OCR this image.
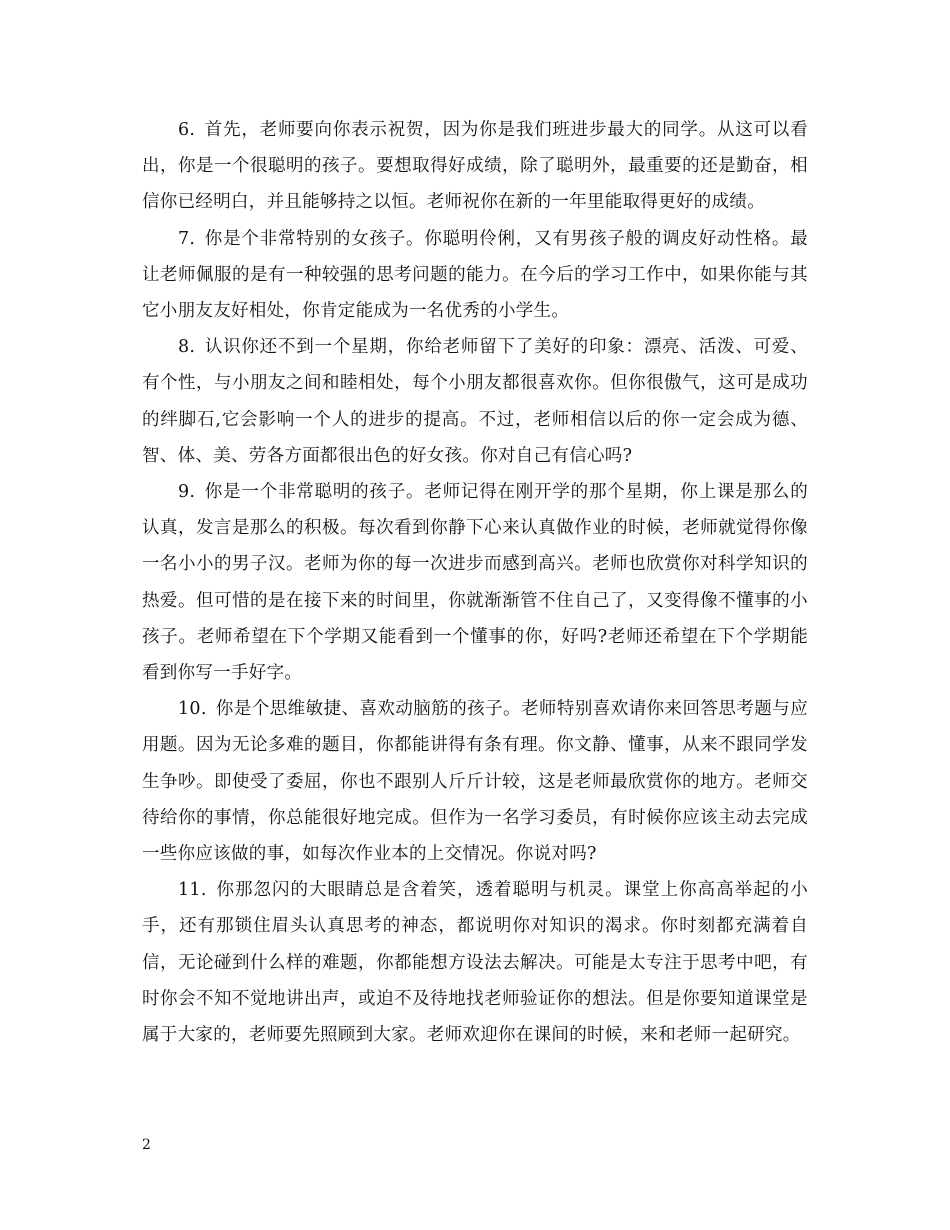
6. 首先，老师要向你表示祝贺，因为你是我们班进步最大的同学。从这可以看出，你是一个很聪明的孩子。要想取得好成绩，除了聪明外，最重要的还是勤奋，相信你已经明白，并且能够持之以恒。老师祝你在新的一年里能取得更好的成绩。

7. 你是个非常特别的女孩子。你聪明伶俐，又有男孩子般的调皮好动性格。最让老师佩服的是有一种较强的思考问题的能力。在今后的学习工作中，如果你能与其它小朋友友好相处，你肯定能成为一名优秀的小学生。

8. 认识你还不到一个星期，你给老师留下了美好的印象：漂亮、活泼、可爱、有个性，与小朋友之间和睦相处，每个小朋友都很喜欢你。但你很傲气，这可是成功的绊脚石,它会影响一个人的进步的提高。不过，老师相信以后的你一定会成为德、智、体、美、劳各方面都很出色的好女孩。你对自己有信心吗?

9. 你是一个非常聪明的孩子。老师记得在刚开学的那个星期，你上课是那么的认真，发言是那么的积极。每次看到你静下心来认真做作业的时候，老师就觉得你像一名小小的男子汉。老师为你的每一次进步而感到高兴。老师也欣赏你对科学知识的热爱。但可惜的是在接下来的时间里，你就渐渐管不住自己了，又变得像不懂事的小孩子。老师希望在下个学期又能看到一个懂事的你，好吗?老师还希望在下个学期能看到你写一手好字。

10. 你是个思维敏捷、喜欢动脑筋的孩子。老师特别喜欢请你来回答思考题与应用题。因为无论多难的题目，你都能讲得有条有理。你文静、懂事，从来不跟同学发生争吵。即使受了委屈，你也不跟别人斤斤计较，这是老师最欣赏你的地方。老师交待给你的事情，你总能很好地完成。但作为一名学习委员，有时候你应该主动去完成一些你应该做的事，如每次作业本的上交情况。你说对吗?

11. 你那忽闪的大眼睛总是含着笑，透着聪明与机灵。课堂上你高高举起的小手，还有那锁住眉头认真思考的神态，都说明你对知识的渴求。你时刻都充满着自信，无论碰到什么样的难题，你都能想方设法去解决。可能是太专注于思考中吧，有时你会不知不觉地讲出声，或迫不及待地找老师验证你的想法。但是你要知道课堂是属于大家的，老师要先照顾到大家。老师欢迎你在课间的时候，来和老师一起研究。

2
